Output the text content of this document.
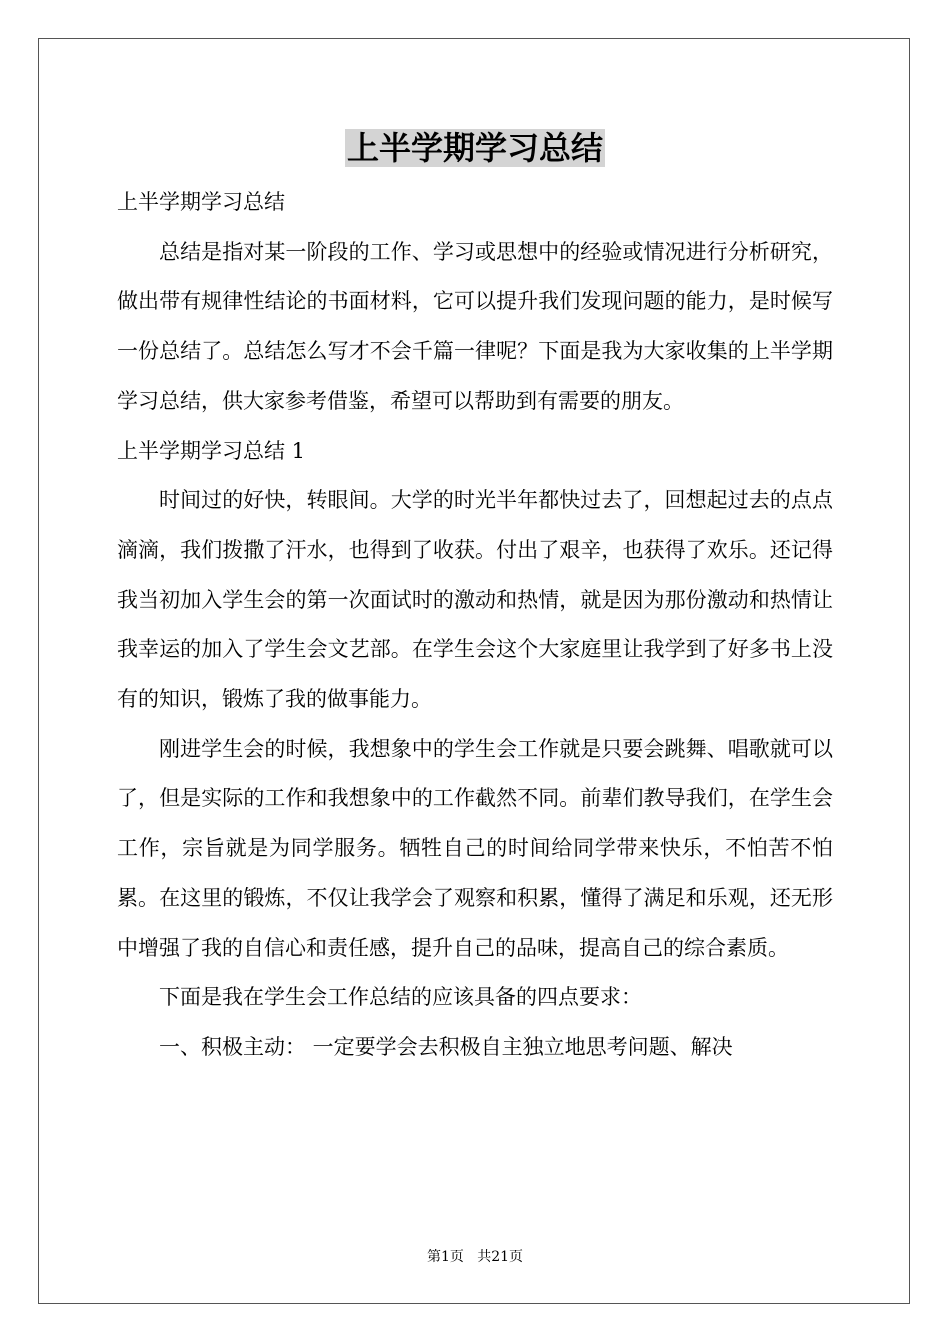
上半学期学习总结

上半学期学习总结

总结是指对某一阶段的工作、学习或思想中的经验或情况进行分析研究，做出带有规律性结论的书面材料，它可以提升我们发现问题的能力，是时候写一份总结了。总结怎么写才不会千篇一律呢？下面是我为大家收集的上半学期学习总结，供大家参考借鉴，希望可以帮助到有需要的朋友。

上半学期学习总结 1

时间过的好快，转眼间。大学的时光半年都快过去了，回想起过去的点点滴滴，我们拨撒了汗水，也得到了收获。付出了艰辛，也获得了欢乐。还记得我当初加入学生会的第一次面试时的激动和热情，就是因为那份激动和热情让我幸运的加入了学生会文艺部。在学生会这个大家庭里让我学到了好多书上没有的知识，锻炼了我的做事能力。

刚进学生会的时候，我想象中的学生会工作就是只要会跳舞、唱歌就可以了，但是实际的工作和我想象中的工作截然不同。前辈们教导我们，在学生会工作，宗旨就是为同学服务。牺牲自己的时间给同学带来快乐，不怕苦不怕累。在这里的锻炼，不仅让我学会了观察和积累，懂得了满足和乐观，还无形中增强了我的自信心和责任感，提升自己的品味，提高自己的综合素质。

下面是我在学生会工作总结的应该具备的四点要求：

一、积极主动： 一定要学会去积极自主独立地思考问题、解决

第1页   共21页
